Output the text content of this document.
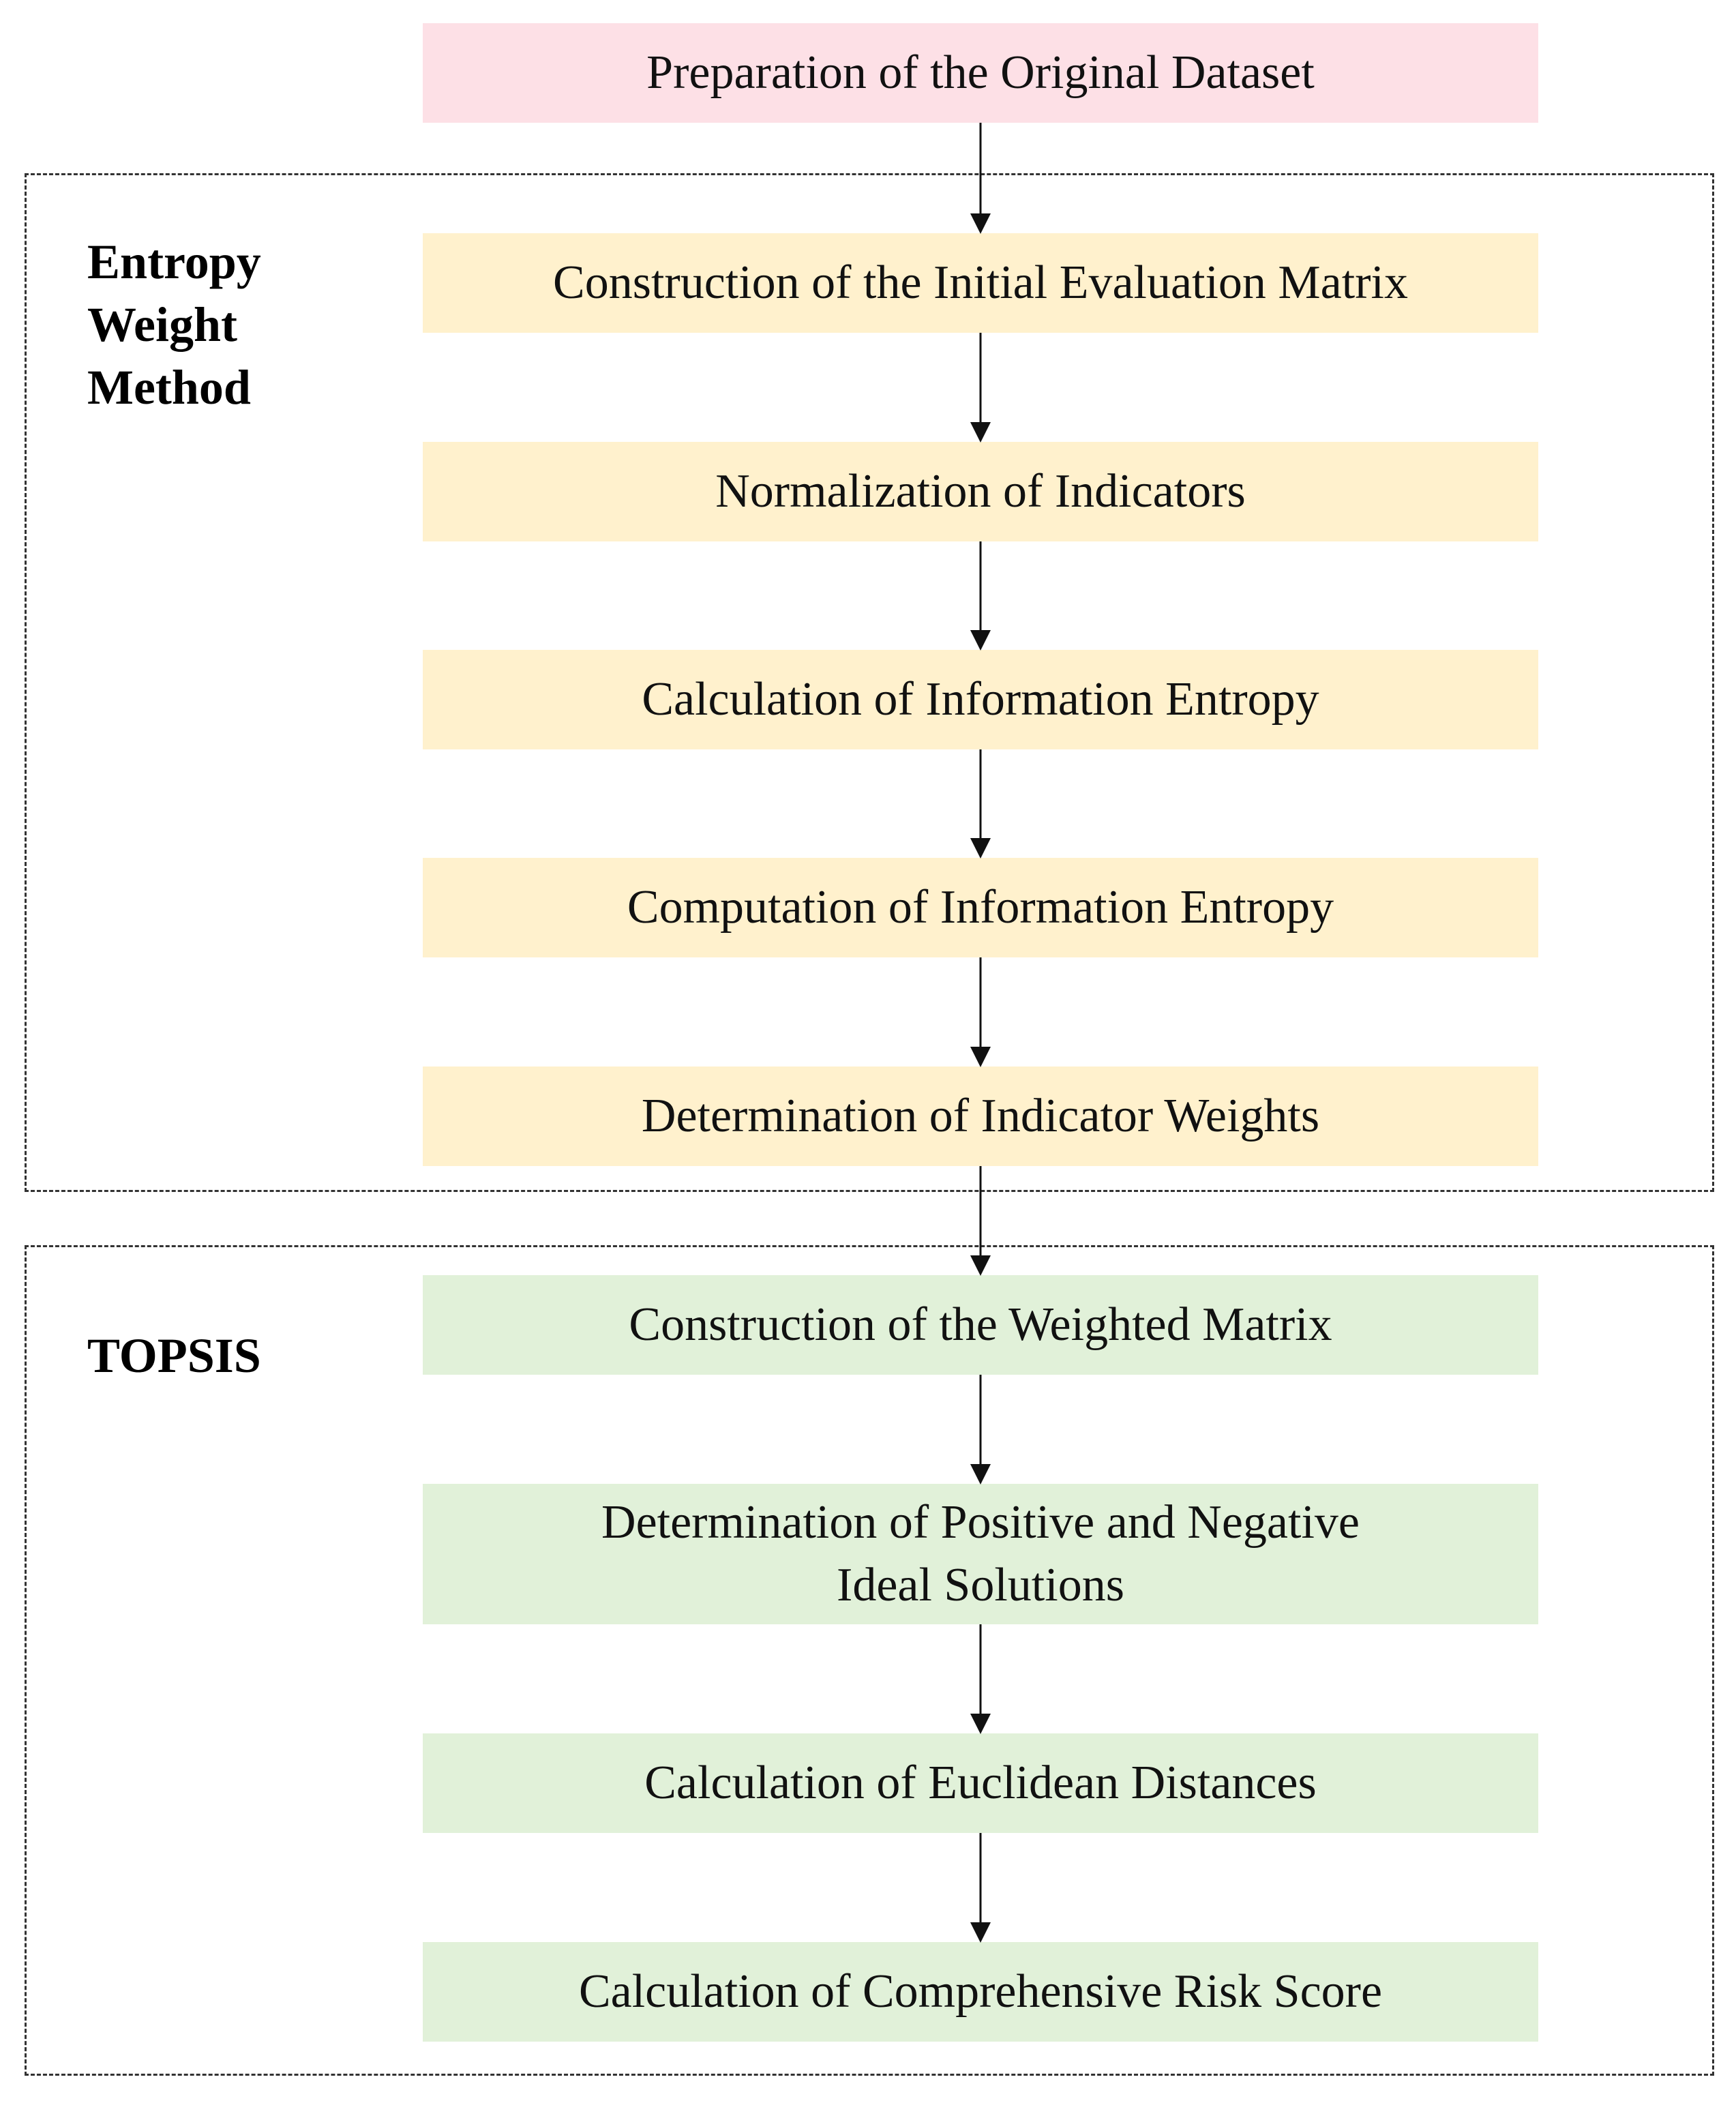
Entropy
Weight
Method
TOPSIS
Preparation of the Original Dataset
Construction of the Initial Evaluation Matrix
Normalization of Indicators
Calculation of Information Entropy
Computation of Information Entropy
Determination of Indicator Weights
Construction of the Weighted Matrix
Determination of Positive and Negative
Ideal Solutions
Calculation of Euclidean Distances
Calculation of Comprehensive Risk Score
